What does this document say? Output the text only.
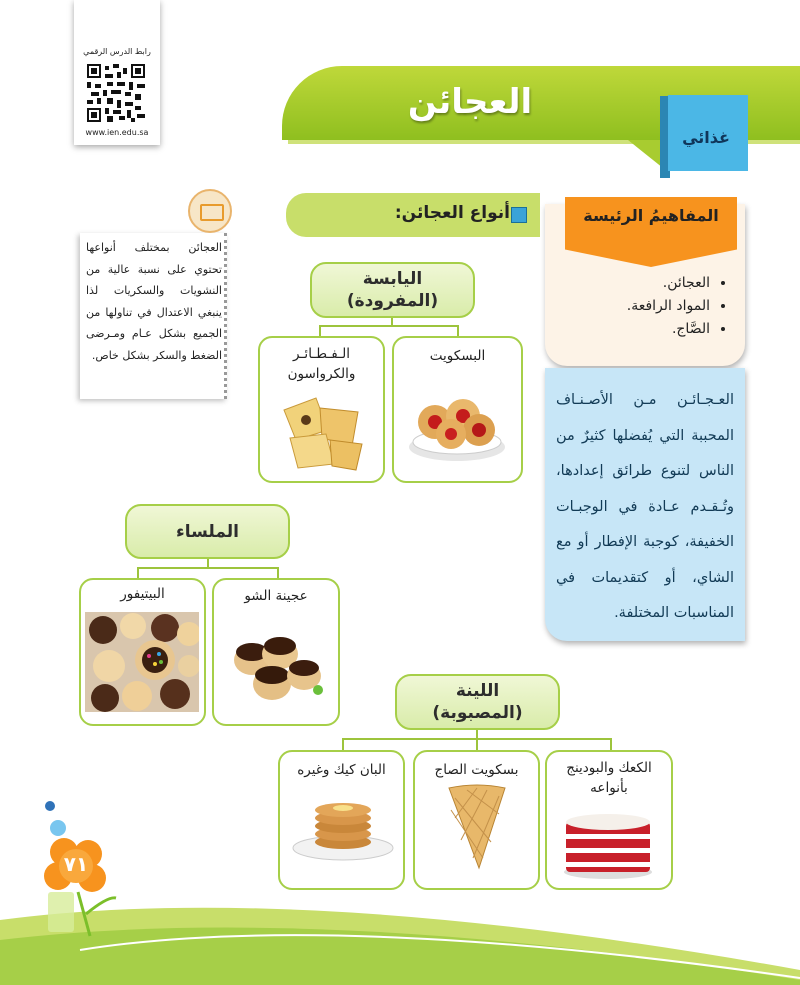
رابط الدرس الرقمي
www.ien.edu.sa
العجائن
غذائي
المفاهيمُ الرئيسة
• العجائن.
• المواد الرافعة.
• الصَّاج.
العـجـائـن مـن الأصـنـاف المحببة التي يُفضلها كثيرٌ من الناس لتنوع طرائق إعدادها، وتُـقـدم عـادة في الوجبـات الخفيفة، كوجبة الإفطار أو مع الشاي، أو كتقديمات في المناسبات المختلفة.
أنواع العجائن:
العجائن بمختلف أنواعها تحتوي على نسبة عالية من النشويات والسكريات لذا ينبغي الاعتدال في تناولها من الجميع بشكل عـام ومـرضى الضغط والسكر بشكل خاص.
اليابسة
(المفرودة)
البسكويت
الـفـطـائـر
والكرواسون
الملساء
عجينة الشو
البيتيفور
اللينة
(المصبوبة)
الكعك والبودينج
بأنواعه
بسكويت الصاج
البان كيك وغيره
٧١
